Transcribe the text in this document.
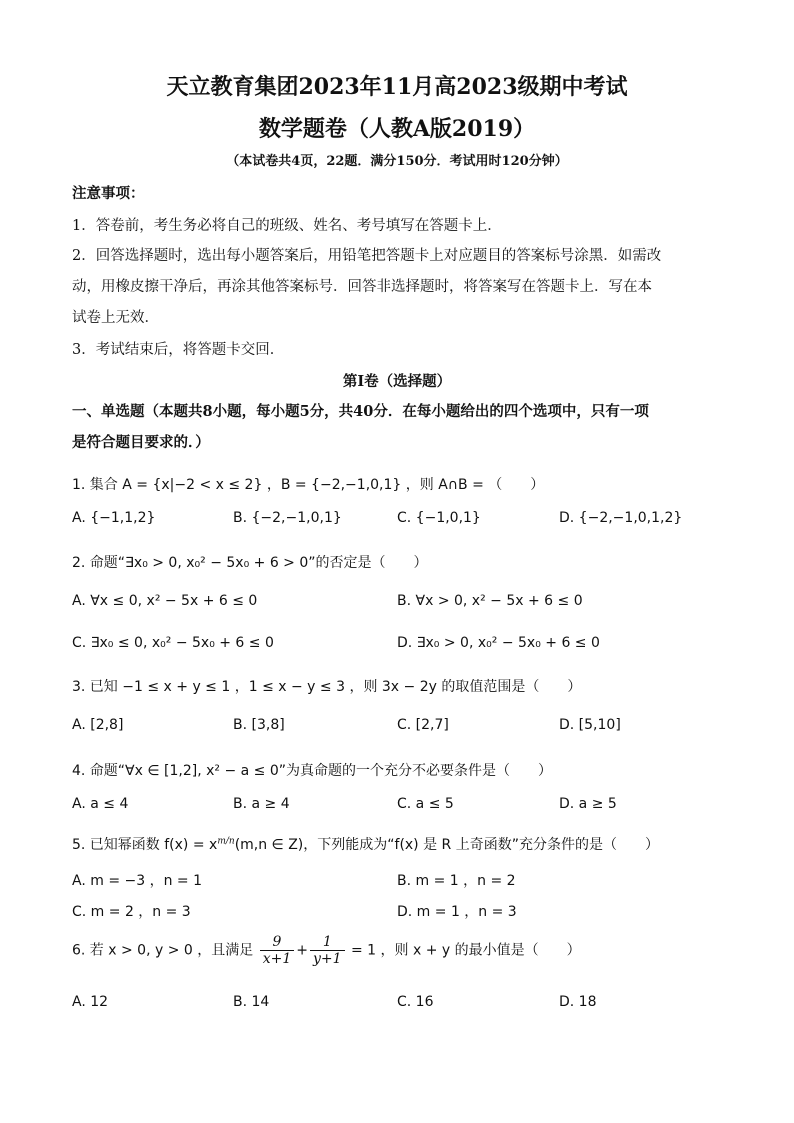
天立教育集团2023年11月高2023级期中考试
数学题卷（人教A版2019）
（本试卷共4页，22题．满分150分．考试用时120分钟）
注意事项：
1．答卷前，考生务必将自己的班级、姓名、考号填写在答题卡上．
2．回答选择题时，选出每小题答案后，用铅笔把答题卡上对应题目的答案标号涂黑．如需改
动，用橡皮擦干净后，再涂其他答案标号．回答非选择题时，将答案写在答题卡上．写在本
试卷上无效．
3．考试结束后，将答题卡交回．
第Ⅰ卷（选择题）
一、单选题（本题共8小题，每小题5分，共40分．在每小题给出的四个选项中，只有一项
是符合题目要求的．）
1. 集合 A = {x|−2 < x ≤ 2} ，B = {−2,−1,0,1} ，则 A∩B = （　　）
A. {−1,1,2}	B. {−2,−1,0,1}	C. {−1,0,1}	D. {−2,−1,0,1,2}
2. 命题“∃x₀ > 0, x₀² − 5x₀ + 6 > 0”的否定是（　　）
A. ∀x ≤ 0, x² − 5x + 6 ≤ 0	B. ∀x > 0, x² − 5x + 6 ≤ 0
C. ∃x₀ ≤ 0, x₀² − 5x₀ + 6 ≤ 0	D. ∃x₀ > 0, x₀² − 5x₀ + 6 ≤ 0
3. 已知 −1 ≤ x + y ≤ 1 ，1 ≤ x − y ≤ 3 ，则 3x − 2y 的取值范围是（　　）
A. [2,8]	B. [3,8]	C. [2,7]	D. [5,10]
4. 命题“∀x ∈ [1,2], x² − a ≤ 0”为真命题的一个充分不必要条件是（　　）
A. a ≤ 4	B. a ≥ 4	C. a ≤ 5	D. a ≥ 5
5. 已知幂函数 $f(x) = x^{m/n}(m,n$ ∈ Z)，下列能成为“f(x) 是 R 上奇函数”充分条件的是（　　）
A. m = −3 ，n = 1	B. m = 1 ，n = 2
C. m = 2 ，n = 3	D. m = 1 ，n = 3
6. 若 x > 0, y > 0 ，且满足 $\frac{9}{x+1} + \frac{1}{y+1} = 1$ ，则 x + y 的最小值是（　　）
A. 12	B. 14	C. 16	D. 18
